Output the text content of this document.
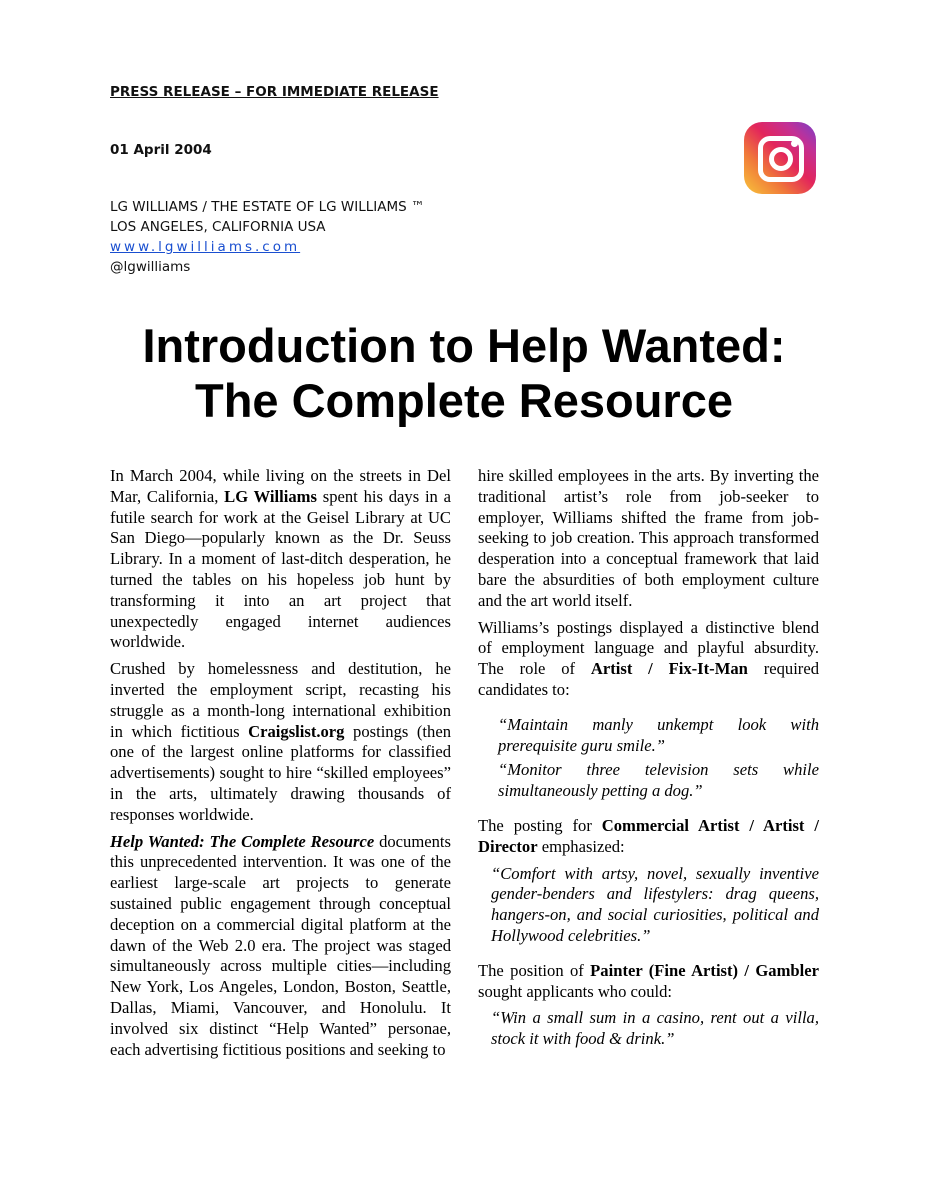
PRESS RELEASE – FOR IMMEDIATE RELEASE
01 April 2004
LG WILLIAMS / THE ESTATE OF LG WILLIAMS ™
LOS ANGELES, CALIFORNIA USA
www.lgwilliams.com
@lgwilliams
Introduction to Help Wanted:
The Complete Resource

In March 2004, while living on the streets in Del Mar, California, LG Williams spent his days in a futile search for work at the Geisel Library at UC San Diego—popularly known as the Dr. Seuss Library. In a moment of last-ditch desperation, he turned the tables on his hopeless job hunt by transforming it into an art project that unexpectedly engaged internet audiences worldwide.

Crushed by homelessness and destitution, he inverted the employment script, recasting his struggle as a month-long international exhibition in which fictitious Craigslist.org postings (then one of the largest online platforms for classified advertisements) sought to hire “skilled employees” in the arts, ultimately drawing thousands of responses worldwide.

Help Wanted: The Complete Resource documents this unprecedented intervention. It was one of the earliest large-scale art projects to generate sustained public engagement through conceptual deception on a commercial digital platform at the dawn of the Web 2.0 era. The project was staged simultaneously across multiple cities—including New York, Los Angeles, London, Boston, Seattle, Dallas, Miami, Vancouver, and Honolulu. It involved six distinct “Help Wanted” personae, each advertising fictitious positions and seeking to

hire skilled employees in the arts. By inverting the traditional artist’s role from job-seeker to employer, Williams shifted the frame from job-seeking to job creation. This approach transformed desperation into a conceptual framework that laid bare the absurdities of both employment culture and the art world itself.

Williams’s postings displayed a distinctive blend of employment language and playful absurdity. The role of Artist / Fix-It-Man required candidates to:

“Maintain manly unkempt look with prerequisite guru smile.”

“Monitor three television sets while simultaneously petting a dog.”

The posting for Commercial Artist / Artist / Director emphasized:

“Comfort with artsy, novel, sexually inventive gender-benders and lifestylers: drag queens, hangers-on, and social curiosities, political and Hollywood celebrities.”

The position of Painter (Fine Artist) / Gambler sought applicants who could:

“Win a small sum in a casino, rent out a villa, stock it with food & drink.”
